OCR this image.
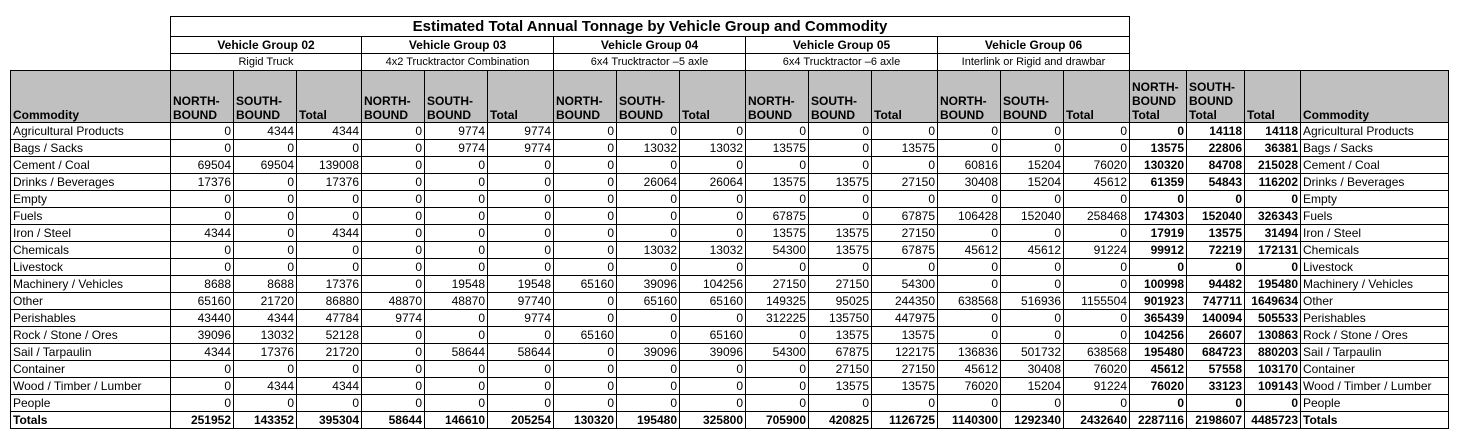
	Estimated Total Annual Tonnage by Vehicle Group and Commodity																		
	Vehicle Group 02			Vehicle Group 03			Vehicle Group 04			Vehicle Group 05			Vehicle Group 06						
	Rigid Truck			4x2 Trucktractor Combination			6x4 Trucktractor –5 axle			6x4 Trucktractor –6 axle			Interlink or Rigid and drawbar						
Commodity	NORTH-BOUND	SOUTH-BOUND	Total	NORTH-BOUND	SOUTH-BOUND	Total	NORTH-BOUND	SOUTH-BOUND	Total	NORTH-BOUND	SOUTH-BOUND	Total	NORTH-BOUND	SOUTH-BOUND	Total	NORTH-BOUND Total	SOUTH-BOUND Total	Total	Commodity
Agricultural Products	0	4344	4344	0	9774	9774	0	0	0	0	0	0	0	0	0	0	14118	14118	Agricultural Products
Bags / Sacks	0	0	0	0	9774	9774	0	13032	13032	13575	0	13575	0	0	0	13575	22806	36381	Bags / Sacks
Cement / Coal	69504	69504	139008	0	0	0	0	0	0	0	0	0	60816	15204	76020	130320	84708	215028	Cement / Coal
Drinks / Beverages	17376	0	17376	0	0	0	0	26064	26064	13575	13575	27150	30408	15204	45612	61359	54843	116202	Drinks / Beverages
Empty	0	0	0	0	0	0	0	0	0	0	0	0	0	0	0	0	0	0	Empty
Fuels	0	0	0	0	0	0	0	0	0	67875	0	67875	106428	152040	258468	174303	152040	326343	Fuels
Iron / Steel	4344	0	4344	0	0	0	0	0	0	13575	13575	27150	0	0	0	17919	13575	31494	Iron / Steel
Chemicals	0	0	0	0	0	0	0	13032	13032	54300	13575	67875	45612	45612	91224	99912	72219	172131	Chemicals
Livestock	0	0	0	0	0	0	0	0	0	0	0	0	0	0	0	0	0	0	Livestock
Machinery / Vehicles	8688	8688	17376	0	19548	19548	65160	39096	104256	27150	27150	54300	0	0	0	100998	94482	195480	Machinery / Vehicles
Other	65160	21720	86880	48870	48870	97740	0	65160	65160	149325	95025	244350	638568	516936	1155504	901923	747711	1649634	Other
Perishables	43440	4344	47784	9774	0	9774	0	0	0	312225	135750	447975	0	0	0	365439	140094	505533	Perishables
Rock / Stone / Ores	39096	13032	52128	0	0	0	65160	0	65160	0	13575	13575	0	0	0	104256	26607	130863	Rock / Stone / Ores
Sail / Tarpaulin	4344	17376	21720	0	58644	58644	0	39096	39096	54300	67875	122175	136836	501732	638568	195480	684723	880203	Sail / Tarpaulin
Container	0	0	0	0	0	0	0	0	0	0	27150	27150	45612	30408	76020	45612	57558	103170	Container
Wood / Timber / Lumber	0	4344	4344	0	0	0	0	0	0	0	13575	13575	76020	15204	91224	76020	33123	109143	Wood / Timber / Lumber
People	0	0	0	0	0	0	0	0	0	0	0	0	0	0	0	0	0	0	People
Totals	251952	143352	395304	58644	146610	205254	130320	195480	325800	705900	420825	1126725	1140300	1292340	2432640	2287116	2198607	4485723	Totals
